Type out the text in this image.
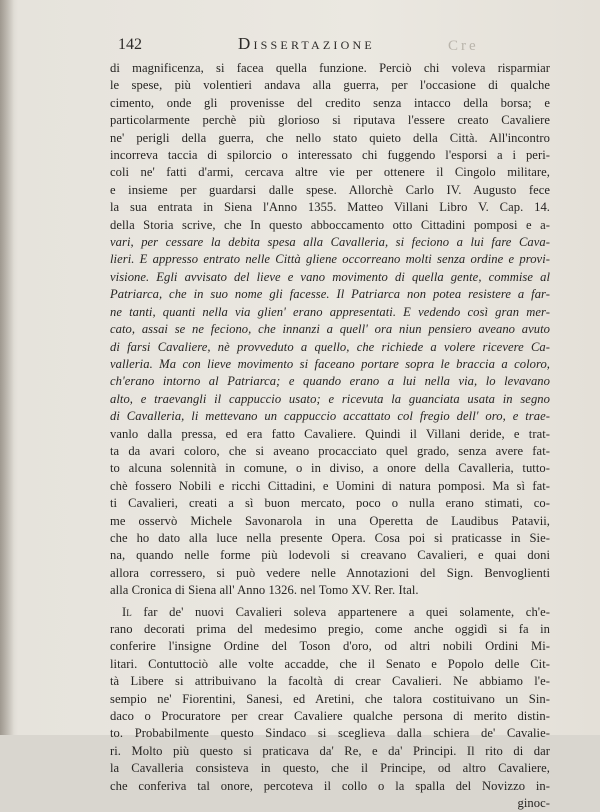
Cre
142	Dissertazione
di magnificenza, si facea quella funzione. Perciò chi voleva risparmiar
le spese, più volentieri andava alla guerra, per l'occasione di qualche
cimento, onde gli provenisse del credito senza intacco della borsa; e
particolarmente perchè più glorioso si riputava l'essere creato Cavaliere
ne' perigli della guerra, che nello stato quieto della Città. All'incontro
incorreva taccia di spilorcio o interessato chi fuggendo l'esporsi a i peri-
coli ne' fatti d'armi, cercava altre vie per ottenere il Cingolo militare,
e insieme per guardarsi dalle spese. Allorchè Carlo IV. Augusto fece
la sua entrata in Siena l'Anno 1355. Matteo Villani Libro V. Cap. 14.
della Storia scrive, che In questo abboccamento otto Cittadini pomposi e a-
vari, per cessare la debita spesa alla Cavalleria, si feciono a lui fare Cava-
lieri. E appresso entrato nelle Città gliene occorreano molti senza ordine e provi-
visione. Egli avvisato del lieve e vano movimento di quella gente, commise al
Patriarca, che in suo nome gli facesse. Il Patriarca non potea resistere a far-
ne tanti, quanti nella via glien' erano appresentati. E vedendo così gran mer-
cato, assai se ne feciono, che innanzi a quell' ora niun pensiero aveano avuto
di farsi Cavaliere, nè provveduto a quello, che richiede a volere ricevere Ca-
valleria. Ma con lieve movimento si faceano portare sopra le braccia a coloro,
ch'erano intorno al Patriarca; e quando erano a lui nella via, lo levavano
alto, e traevangli il cappuccio usato; e ricevuta la guanciata usata in segno
di Cavalleria, li mettevano un cappuccio accattato col fregio dell' oro, e trae-
vanlo dalla pressa, ed era fatto Cavaliere. Quindi il Villani deride, e trat-
ta da avari coloro, che si aveano procacciato quel grado, senza avere fat-
to alcuna solennità in comune, o in diviso, a onore della Cavalleria, tutto-
chè fossero Nobili e ricchi Cittadini, e Uomini di natura pomposi. Ma sì fat-
ti Cavalieri, creati a sì buon mercato, poco o nulla erano stimati, co-
me osservò Michele Savonarola in una Operetta de Laudibus Patavii,
che ho dato alla luce nella presente Opera. Cosa poi si praticasse in Sie-
na, quando nelle forme più lodevoli si creavano Cavalieri, e quai doni
allora corressero, si può vedere nelle Annotazioni del Sign. Benvoglienti
alla Cronica di Siena all' Anno 1326. nel Tomo XV. Rer. Ital.
Il far de' nuovi Cavalieri soleva appartenere a quei solamente, ch'e-
rano decorati prima del medesimo pregio, come anche oggidì si fa in
conferire l'insigne Ordine del Toson d'oro, od altri nobili Ordini Mi-
litari. Contuttociò alle volte accadde, che il Senato e Popolo delle Cit-
tà Libere si attribuivano la facoltà di crear Cavalieri. Ne abbiamo l'e-
sempio ne' Fiorentini, Sanesi, ed Aretini, che talora costituivano un Sin-
daco o Procuratore per crear Cavaliere qualche persona di merito distin-
to. Probabilmente questo Sindaco si sceglieva dalla schiera de' Cavalie-
ri. Molto più questo si praticava da' Re, e da' Principi. Il rito di dar
la Cavalleria consisteva in questo, che il Principe, od altro Cavaliere,
che conferiva tal onore, percoteva il collo o la spalla del Novizzo in-
ginoc-
